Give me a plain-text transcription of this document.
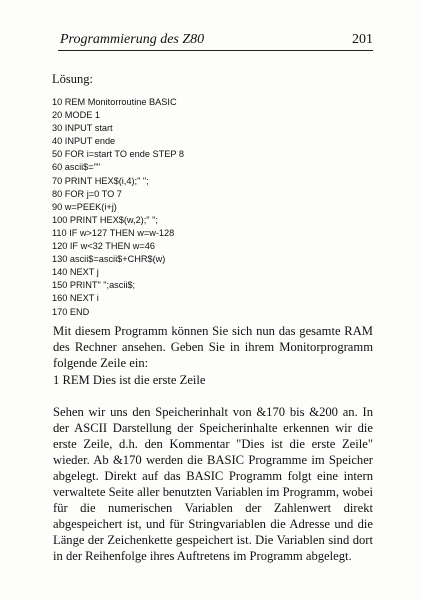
Programmierung des Z80	201
Lösung:
10 REM Monitorroutine BASIC
20 MODE 1
30 INPUT start
40 INPUT ende
50 FOR i=start TO ende STEP 8
60 ascii$=""
70 PRINT HEX$(i,4);" ";
80 FOR j=0 TO 7
90 w=PEEK(i+j)
100 PRINT HEX$(w,2);" ";
110 IF w>127 THEN w=w-128
120 IF w<32 THEN w=46
130 ascii$=ascii$+CHR$(w)
140 NEXT j
150 PRINT" ";ascii$;
160 NEXT i
170 END

Mit diesem Programm können Sie sich nun das gesamte RAM des Rechner ansehen. Geben Sie in ihrem Monitorprogramm folgende Zeile ein:

1 REM Dies ist die erste Zeile

Sehen wir uns den Speicherinhalt von &170 bis &200 an. In der ASCII Darstellung der Speicherinhalte erkennen wir die erste Zeile, d.h. den Kommentar "Dies ist die erste Zeile" wieder. Ab &170 werden die BASIC Programme im Speicher abgelegt. Direkt auf das BASIC Programm folgt eine intern verwaltete Seite aller benutzten Variablen im Programm, wobei für die numerischen Variablen der Zahlenwert direkt abgespeichert ist, und für Stringvariablen die Adresse und die Länge der Zeichenkette gespeichert ist. Die Variablen sind dort in der Reihenfolge ihres Auftretens im Programm abgelegt.
